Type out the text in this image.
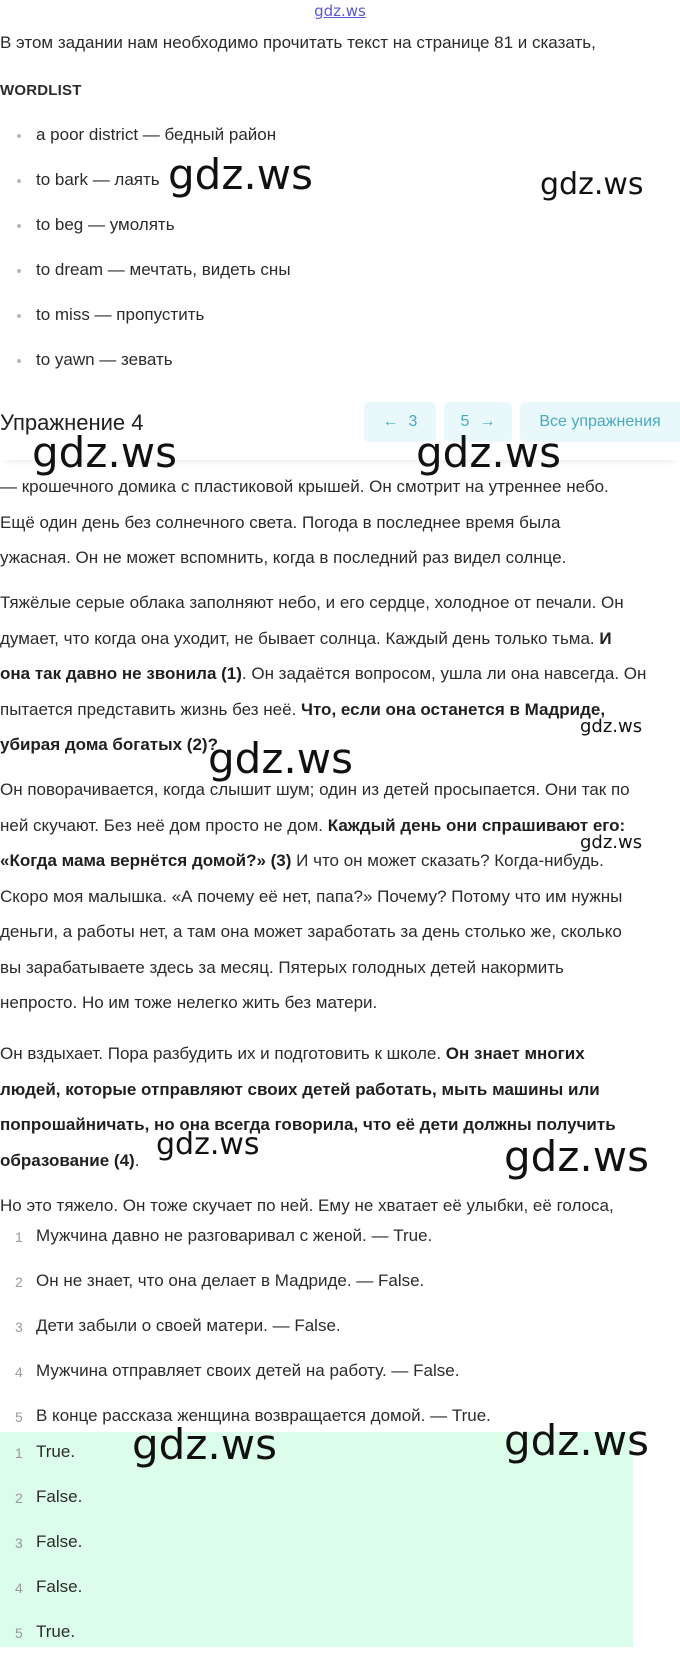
gdz.ws
В этом задании нам необходимо прочитать текст на странице 81 и сказать,
WORDLIST
a poor district — бедный район
to bark — лаять
to beg — умолять
to dream — мечтать, видеть сны
to miss — пропустить
to yawn — зевать
Упражнение 4	← 3	5 →	Все упражнения

— крошечного домика с пластиковой крышей. Он смотрит на утреннее небо.

Ещё один день без солнечного света. Погода в последнее время была

ужасная. Он не может вспомнить, когда в последний раз видел солнце.

Тяжёлые серые облака заполняют небо, и его сердце, холодное от печали. Он

думает, что когда она уходит, не бывает солнца. Каждый день только тьма. И

она так давно не звонила (1). Он задаётся вопросом, ушла ли она навсегда. Он

пытается представить жизнь без неё. Что, если она останется в Мадриде,

убирая дома богатых (2)?

Он поворачивается, когда слышит шум; один из детей просыпается. Они так по

ней скучают. Без неё дом просто не дом. Каждый день они спрашивают его:

«Когда мама вернётся домой?» (3) И что он может сказать? Когда-нибудь.

Скоро моя малышка. «А почему её нет, папа?» Почему? Потому что им нужны

деньги, а работы нет, а там она может заработать за день столько же, сколько

вы зарабатываете здесь за месяц. Пятерых голодных детей накормить

непросто. Но им тоже нелегко жить без матери.

Он вздыхает. Пора разбудить их и подготовить к школе. Он знает многих

людей, которые отправляют своих детей работать, мыть машины или

попрошайничать, но она всегда говорила, что её дети должны получить

образование (4).

Но это тяжело. Он тоже скучает по ней. Ему не хватает её улыбки, её голоса,

1 Мужчина давно не разговаривал с женой. — True.
2 Он не знает, что она делает в Мадриде. — False.
3 Дети забыли о своей матери. — False.
4 Мужчина отправляет своих детей на работу. — False.
5 В конце рассказа женщина возвращается домой. — True.
1 True.
2 False.
3 False.
4 False.
5 True.
gdz.ws	gdz.ws
gdz.ws	gdz.ws
gdz.ws
gdz.ws
gdz.ws
gdz.ws	gdz.ws
gdz.ws	gdz.ws
